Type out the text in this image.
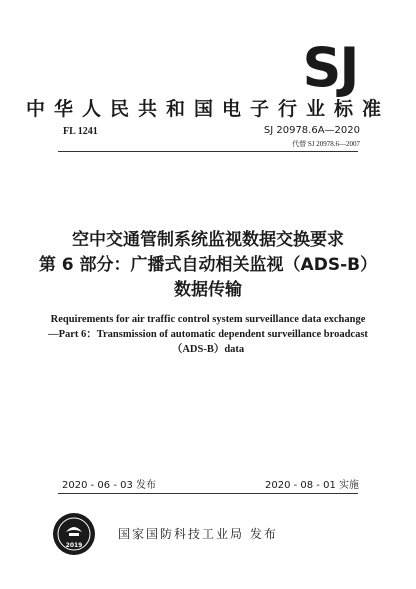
SJ
中华人民共和国电子行业标准
FL 1241	SJ 20978.6A—2020
代替 SJ 20978.6—2007
空中交通管制系统监视数据交换要求
第 6 部分：广播式自动相关监视（ADS-B）
数据传输
Requirements for air traffic control system surveillance data exchange
—Part 6：Transmission of automatic dependent surveillance broadcast
（ADS-B）data
2020 - 06 - 03 发布	2020 - 08 - 01 实施
2019
国家国防科技工业局 发布
